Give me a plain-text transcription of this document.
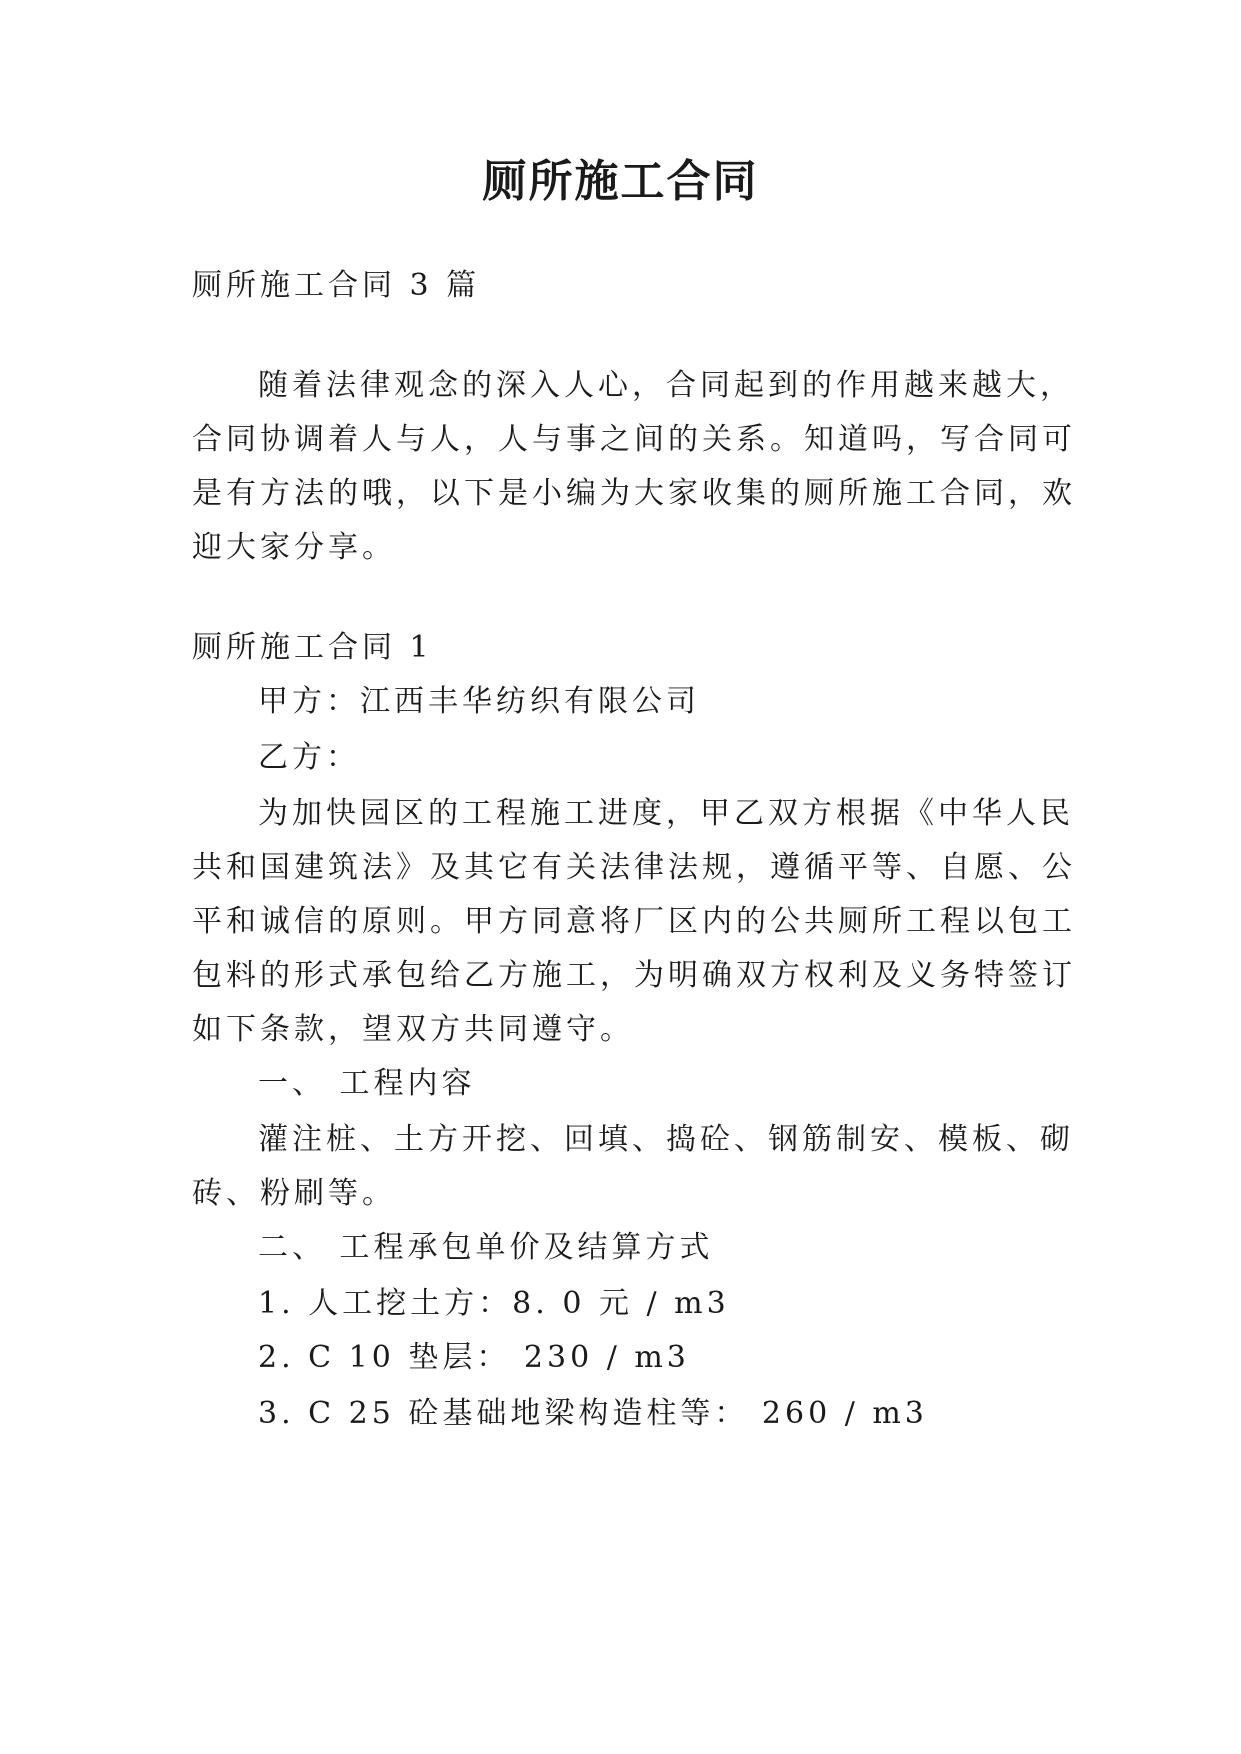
厕所施工合同
厕所施工合同 3 篇
随着法律观念的深入人心，合同起到的作用越来越大，
合同协调着人与人，人与事之间的关系。知道吗，写合同可
是有方法的哦，以下是小编为大家收集的厕所施工合同，欢
迎大家分享。
厕所施工合同 1
甲方：江西丰华纺织有限公司
乙方：
为加快园区的工程施工进度，甲乙双方根据《中华人民
共和国建筑法》及其它有关法律法规，遵循平等、自愿、公
平和诚信的原则。甲方同意将厂区内的公共厕所工程以包工
包料的形式承包给乙方施工，为明确双方权利及义务特签订
如下条款，望双方共同遵守。
一、 工程内容
灌注桩、土方开挖、回填、捣砼、钢筋制安、模板、砌
砖、粉刷等。
二、 工程承包单价及结算方式
1. 人工挖土方：8. 0 元 / m3
2. C 10 垫层： 230 / m3
3. C 25 砼基础地梁构造柱等： 260 / m3
